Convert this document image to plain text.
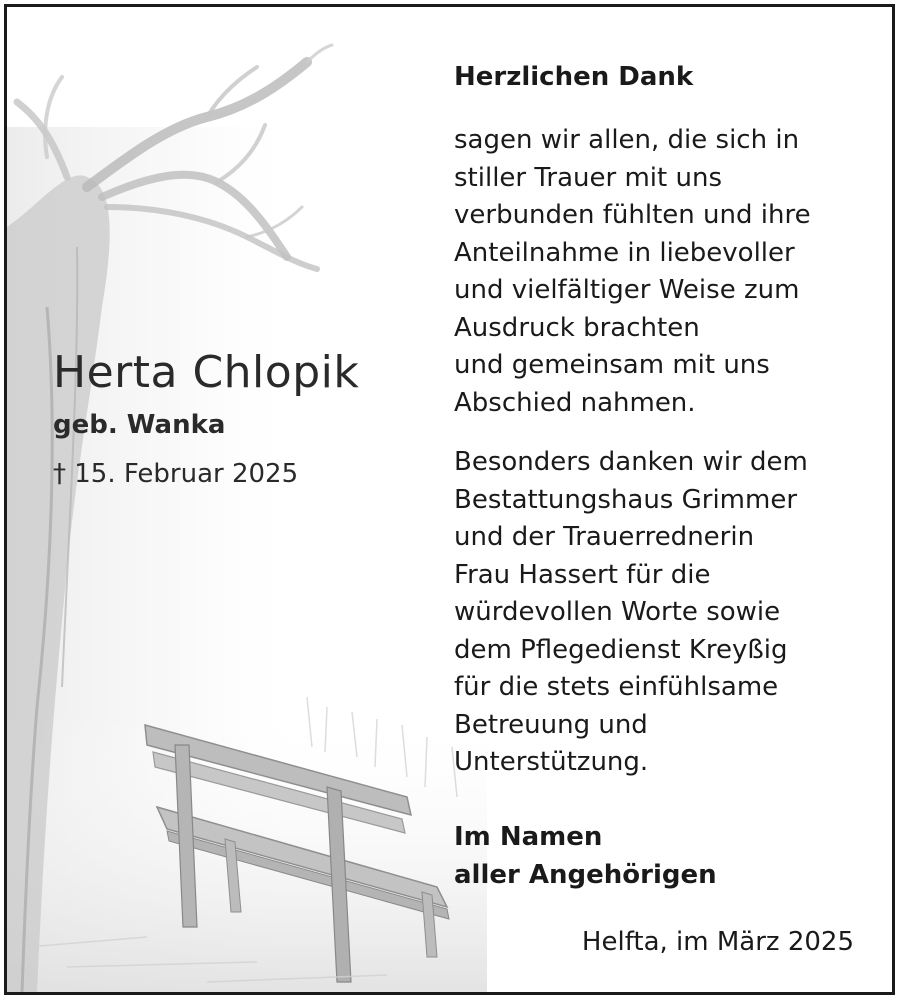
Herta Chlopik
geb. Wanka
† 15. Februar 2025
Herzlichen Dank
sagen wir allen, die sich in
stiller Trauer mit uns
verbunden fühlten und ihre
Anteilnahme in liebevoller
und vielfältiger Weise zum
Ausdruck brachten
und gemeinsam mit uns
Abschied nahmen.
Besonders danken wir dem
Bestattungshaus Grimmer
und der Trauerrednerin
Frau Hassert für die
würdevollen Worte sowie
dem Pflegedienst Kreyßig
für die stets einfühlsame
Betreuung und
Unterstützung.
Im Namen
aller Angehörigen
Helfta, im März 2025
